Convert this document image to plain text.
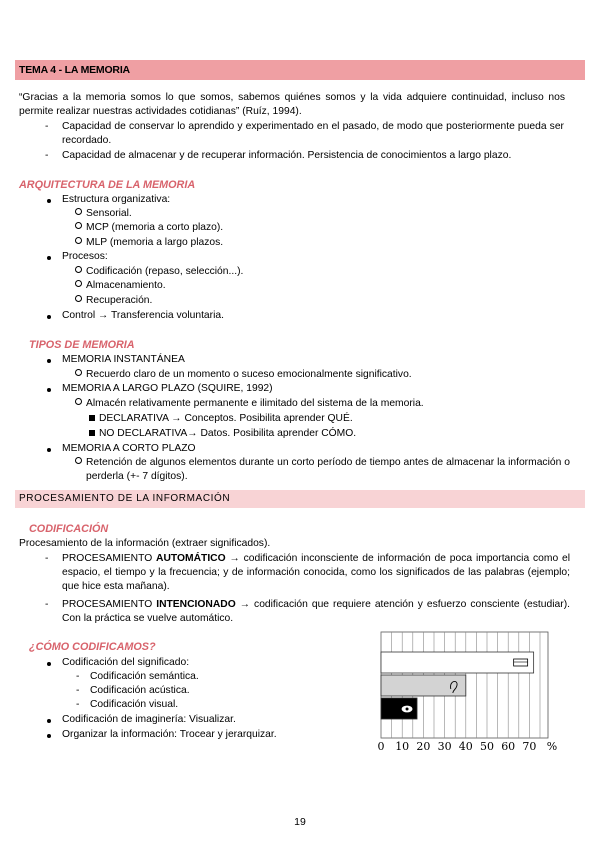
TEMA 4 - LA MEMORIA
“Gracias a la memoria somos lo que somos, sabemos quiénes somos y la vida adquiere continuidad, incluso nos permite realizar nuestras actividades cotidianas” (Ruíz, 1994).
- Capacidad de conservar lo aprendido y experimentado en el pasado, de modo que posteriormente pueda ser recordado.
- Capacidad de almacenar y de recuperar información. Persistencia de conocimientos a largo plazo.
ARQUITECTURA DE LA MEMORIA
Estructura organizativa:
Sensorial.
MCP (memoria a corto plazo).
MLP (memoria a largo plazos.
Procesos:
Codificación (repaso, selección...).
Almacenamiento.
Recuperación.
Control → Transferencia voluntaria.
TIPOS DE MEMORIA
MEMORIA INSTANTÁNEA
Recuerdo claro de un momento o suceso emocionalmente significativo.
MEMORIA A LARGO PLAZO (SQUIRE, 1992)
Almacén relativamente permanente e ilimitado del sistema de la memoria.
DECLARATIVA → Conceptos. Posibilita aprender QUÉ.
NO DECLARATIVA→ Datos. Posibilita aprender CÓMO.
MEMORIA A CORTO PLAZO
Retención de algunos elementos durante un corto período de tiempo antes de almacenar la información o perderla (+- 7 dígitos).
PROCESAMIENTO DE LA INFORMACIÓN
CODIFICACIÓN
Procesamiento de la información (extraer significados).
- PROCESAMIENTO AUTOMÁTICO → codificación inconsciente de información de poca importancia como el espacio, el tiempo y la frecuencia; y de información conocida, como los significados de las palabras (ejemplo; que hice esta mañana).
- PROCESAMIENTO INTENCIONADO → codificación que requiere atención y esfuerzo consciente (estudiar). Con la práctica se vuelve automático.
¿CÓMO CODIFICAMOS?
Codificación del significado:
- Codificación semántica.
- Codificación acústica.
- Codificación visual.
Codificación de imaginería: Visualizar.
Organizar la información: Trocear y jerarquizar.
0 10 20 30 40 50 60 70 %
19
